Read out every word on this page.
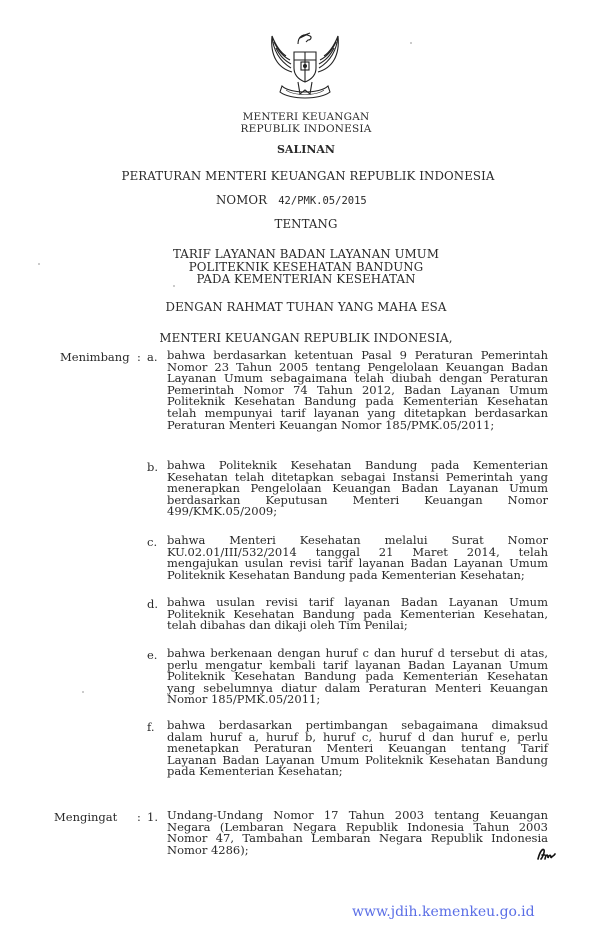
MENTERI KEUANGAN
REPUBLIK INDONESIA
SALINAN
PERATURAN MENTERI KEUANGAN REPUBLIK INDONESIA
NOMOR 42/PMK.05/2015
TENTANG
TARIF LAYANAN BADAN LAYANAN UMUM
POLITEKNIK KESEHATAN BANDUNG
PADA KEMENTERIAN KESEHATAN
DENGAN RAHMAT TUHAN YANG MAHA ESA
MENTERI KEUANGAN REPUBLIK INDONESIA,
Menimbang : a. bahwa berdasarkan ketentuan Pasal 9 Peraturan Pemerintah
Nomor 23 Tahun 2005 tentang Pengelolaan Keuangan Badan
Layanan Umum sebagaimana telah diubah dengan Peraturan
Pemerintah Nomor 74 Tahun 2012, Badan Layanan Umum
Politeknik Kesehatan Bandung pada Kementerian Kesehatan
telah mempunyai tarif layanan yang ditetapkan berdasarkan
Peraturan Menteri Keuangan Nomor 185/PMK.05/2011;
b. bahwa Politeknik Kesehatan Bandung pada Kementerian
Kesehatan telah ditetapkan sebagai Instansi Pemerintah yang
menerapkan Pengelolaan Keuangan Badan Layanan Umum
berdasarkan Keputusan Menteri Keuangan Nomor
499/KMK.05/2009;
c. bahwa Menteri Kesehatan melalui Surat Nomor
KU.02.01/III/532/2014 tanggal 21 Maret 2014, telah
mengajukan usulan revisi tarif layanan Badan Layanan Umum
Politeknik Kesehatan Bandung pada Kementerian Kesehatan;
d. bahwa usulan revisi tarif layanan Badan Layanan Umum
Politeknik Kesehatan Bandung pada Kementerian Kesehatan,
telah dibahas dan dikaji oleh Tim Penilai;
e. bahwa berkenaan dengan huruf c dan huruf d tersebut di atas,
perlu mengatur kembali tarif layanan Badan Layanan Umum
Politeknik Kesehatan Bandung pada Kementerian Kesehatan
yang sebelumnya diatur dalam Peraturan Menteri Keuangan
Nomor 185/PMK.05/2011;
f. bahwa berdasarkan pertimbangan sebagaimana dimaksud
dalam huruf a, huruf b, huruf c, huruf d dan huruf e, perlu
menetapkan Peraturan Menteri Keuangan tentang Tarif
Layanan Badan Layanan Umum Politeknik Kesehatan Bandung
pada Kementerian Kesehatan;
Mengingat : 1. Undang-Undang Nomor 17 Tahun 2003 tentang Keuangan
Negara (Lembaran Negara Republik Indonesia Tahun 2003
Nomor 47, Tambahan Lembaran Negara Republik Indonesia
Nomor 4286);
www.jdih.kemenkeu.go.id
